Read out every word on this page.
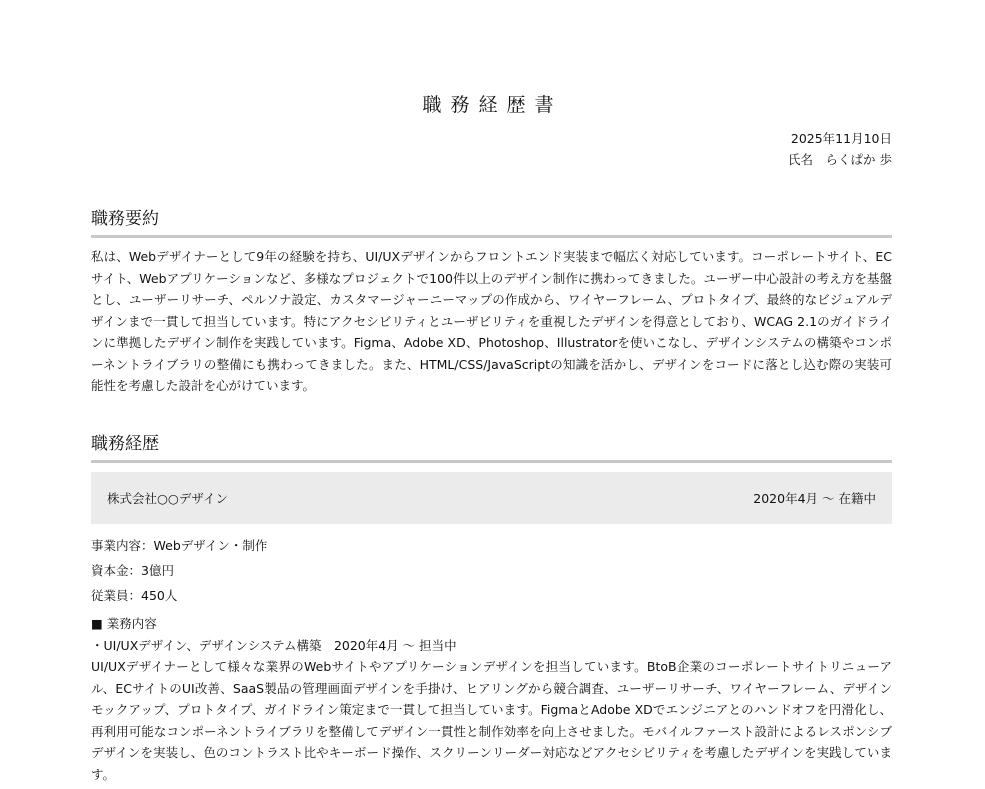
職務経歴書
2025年11月10日
氏名　らくぱか 歩
職務要約
私は、Webデザイナーとして9年の経験を持ち、UI/UXデザインからフロントエンド実装まで幅広く対応しています。コーポレートサイト、ECサイト、Webアプリケーションなど、多様なプロジェクトで100件以上のデザイン制作に携わってきました。ユーザー中心設計の考え方を基盤とし、ユーザーリサーチ、ペルソナ設定、カスタマージャーニーマップの作成から、ワイヤーフレーム、プロトタイプ、最終的なビジュアルデザインまで一貫して担当しています。特にアクセシビリティとユーザビリティを重視したデザインを得意としており、WCAG 2.1のガイドラインに準拠したデザイン制作を実践しています。Figma、Adobe XD、Photoshop、Illustratorを使いこなし、デザインシステムの構築やコンポーネントライブラリの整備にも携わってきました。また、HTML/CSS/JavaScriptの知識を活かし、デザインをコードに落とし込む際の実装可能性を考慮した設計を心がけています。
職務経歴
株式会社○○デザイン	2020年4月 〜 在籍中
事業内容：Webデザイン・制作
資本金：3億円
従業員：450人
■ 業務内容
・UI/UXデザイン、デザインシステム構築　2020年4月 〜 担当中
UI/UXデザイナーとして様々な業界のWebサイトやアプリケーションデザインを担当しています。BtoB企業のコーポレートサイトリニューアル、ECサイトのUI改善、SaaS製品の管理画面デザインを手掛け、ヒアリングから競合調査、ユーザーリサーチ、ワイヤーフレーム、デザインモックアップ、プロトタイプ、ガイドライン策定まで一貫して担当しています。FigmaとAdobe XDでエンジニアとのハンドオフを円滑化し、再利用可能なコンポーネントライブラリを整備してデザイン一貫性と制作効率を向上させました。モバイルファースト設計によるレスポンシブデザインを実装し、色のコントラスト比やキーボード操作、スクリーンリーダー対応などアクセシビリティを考慮したデザインを実践しています。
